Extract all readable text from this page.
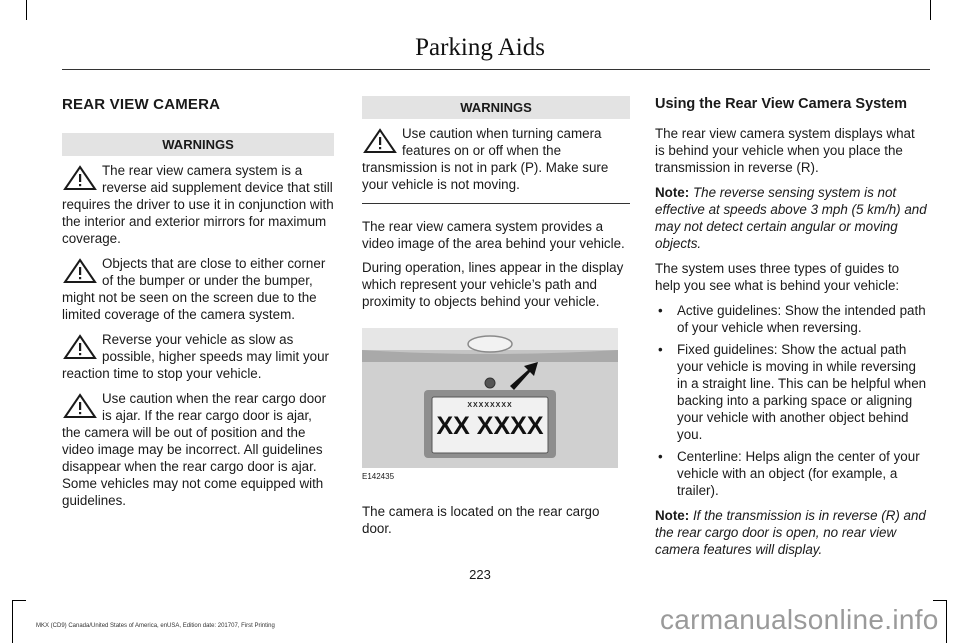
Parking Aids
REAR VIEW CAMERA
WARNINGS
The rear view camera system is a reverse aid supplement device that still requires the driver to use it in conjunction with the interior and exterior mirrors for maximum coverage.
Objects that are close to either corner of the bumper or under the bumper, might not be seen on the screen due to the limited coverage of the camera system.
Reverse your vehicle as slow as possible, higher speeds may limit your reaction time to stop your vehicle.
Use caution when the rear cargo door is ajar. If the rear cargo door is ajar, the camera will be out of position and the video image may be incorrect. All guidelines disappear when the rear cargo door is ajar. Some vehicles may not come equipped with guidelines.
WARNINGS
Use caution when turning camera features on or off when the transmission is not in park (P). Make sure your vehicle is not moving.

The rear view camera system provides a video image of the area behind your vehicle.

During operation, lines appear in the display which represent your vehicle’s path and proximity to objects behind your vehicle.

XXXXXXXX
XX XXXX
E142435

The camera is located on the rear cargo door.

Using the Rear View Camera System

The rear view camera system displays what is behind your vehicle when you place the transmission in reverse (R).

Note: The reverse sensing system is not effective at speeds above 3 mph (5 km/h) and may not detect certain angular or moving objects.

The system uses three types of guides to help you see what is behind your vehicle:

• Active guidelines: Show the intended path of your vehicle when reversing.
• Fixed guidelines: Show the actual path your vehicle is moving in while reversing in a straight line. This can be helpful when backing into a parking space or aligning your vehicle with another object behind you.
• Centerline: Helps align the center of your vehicle with an object (for example, a trailer).

Note: If the transmission is in reverse (R) and the rear cargo door is open, no rear view camera features will display.

223
MKX (CD9) Canada/United States of America, enUSA, Edition date: 201707, First Printing	carmanualsonline.info
